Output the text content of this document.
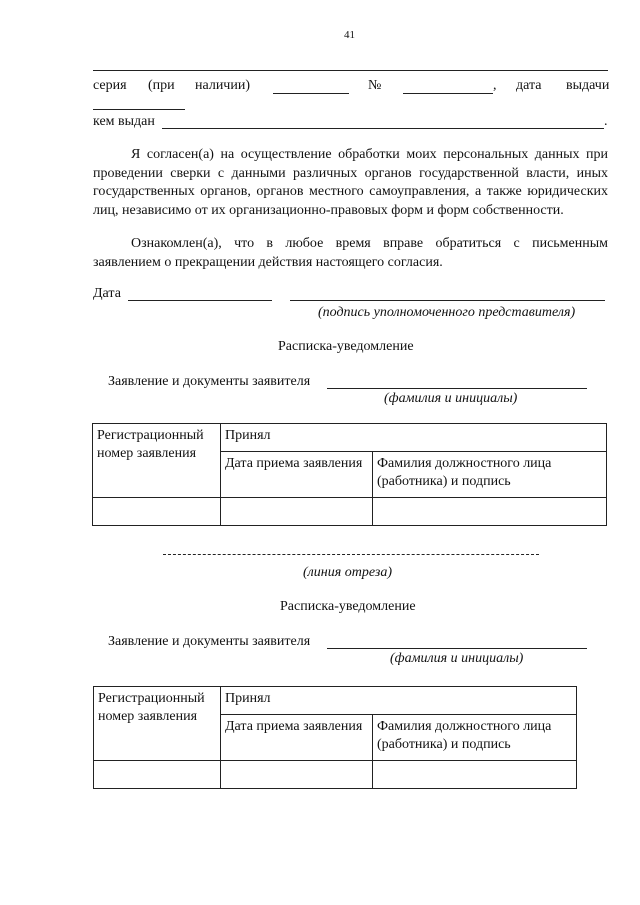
41
серия (при наличии)	№	, дата выдачи
кем выдан	.
Я согласен(а) на осуществление обработки моих персональных данных при проведении сверки с данными различных органов государственной власти, иных государственных органов, органов местного самоуправления, а также юридических лиц, независимо от их организационно-правовых форм и форм собственности.
Ознакомлен(а), что в любое время вправе обратиться с письменным заявлением о прекращении действия настоящего согласия.
Дата
(подпись уполномоченного представителя)
Расписка-уведомление
Заявление и документы заявителя
(фамилия и инициалы)
Регистрационный номер заявления	Принял	
	Дата приема заявления	Фамилия должностного лица (работника) и подпись

(линия отреза)
Расписка-уведомление
Заявление и документы заявителя
(фамилия и инициалы)
Регистрационный номер заявления	Принял	
	Дата приема заявления	Фамилия должностного лица (работника) и подпись
